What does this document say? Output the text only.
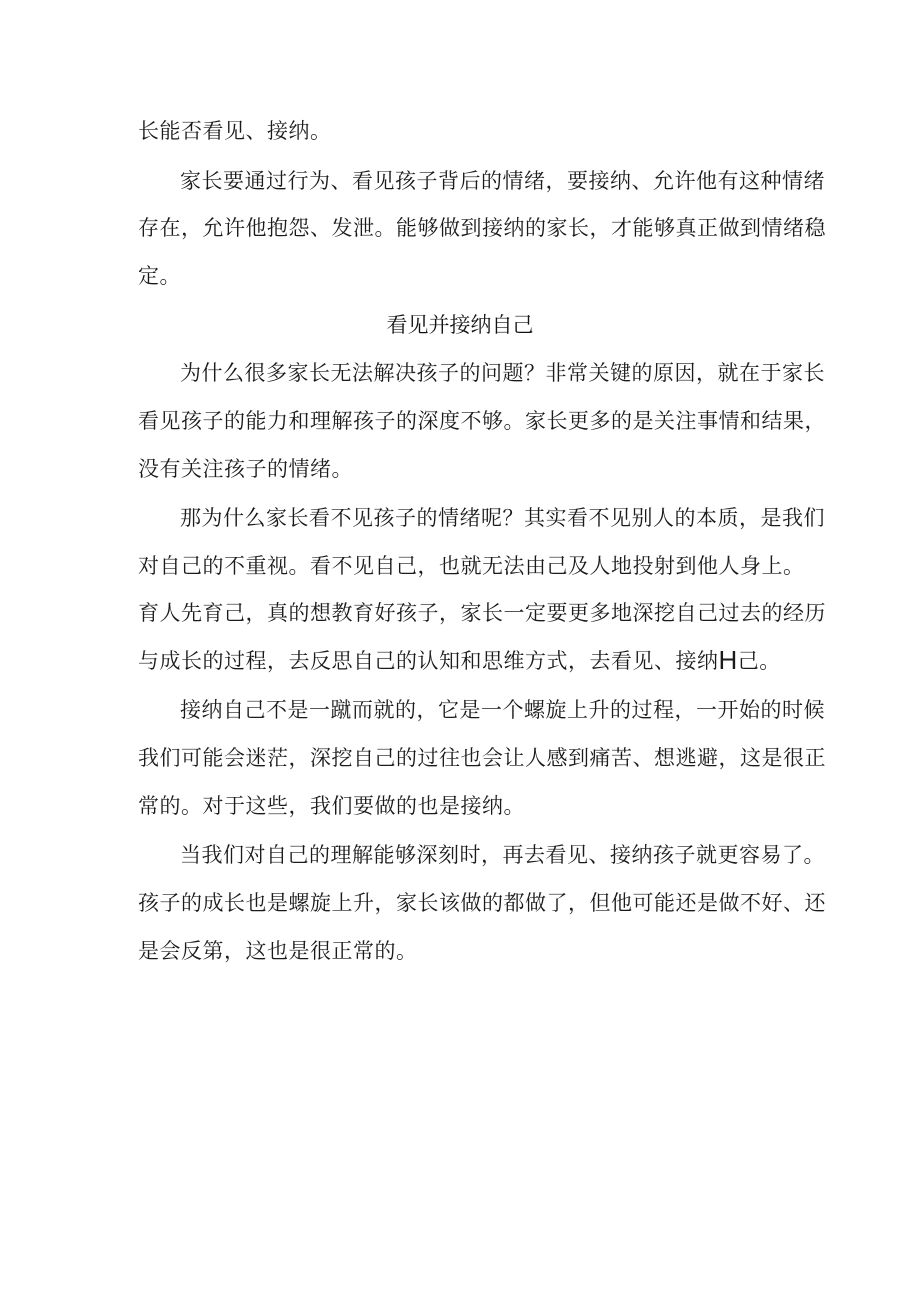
长能否看见、接纳。
家长要通过行为、看见孩子背后的情绪，要接纳、允许他有这种情绪
存在，允许他抱怨、发泄。能够做到接纳的家长，才能够真正做到情绪稳
定。
看见并接纳自己
为什么很多家长无法解决孩子的问题？非常关键的原因，就在于家长
看见孩子的能力和理解孩子的深度不够。家长更多的是关注事情和结果，
没有关注孩子的情绪。
那为什么家长看不见孩子的情绪呢？其实看不见别人的本质，是我们
对自己的不重视。看不见自己，也就无法由己及人地投射到他人身上。
育人先育己，真的想教育好孩子，家长一定要更多地深挖自己过去的经历
与成长的过程，去反思自己的认知和思维方式，去看见、接纳H己。
接纳自己不是一蹴而就的，它是一个螺旋上升的过程，一开始的时候
我们可能会迷茫，深挖自己的过往也会让人感到痛苦、想逃避，这是很正
常的。对于这些，我们要做的也是接纳。
当我们对自己的理解能够深刻时，再去看见、接纳孩子就更容易了。
孩子的成长也是螺旋上升，家长该做的都做了，但他可能还是做不好、还
是会反第，这也是很正常的。
